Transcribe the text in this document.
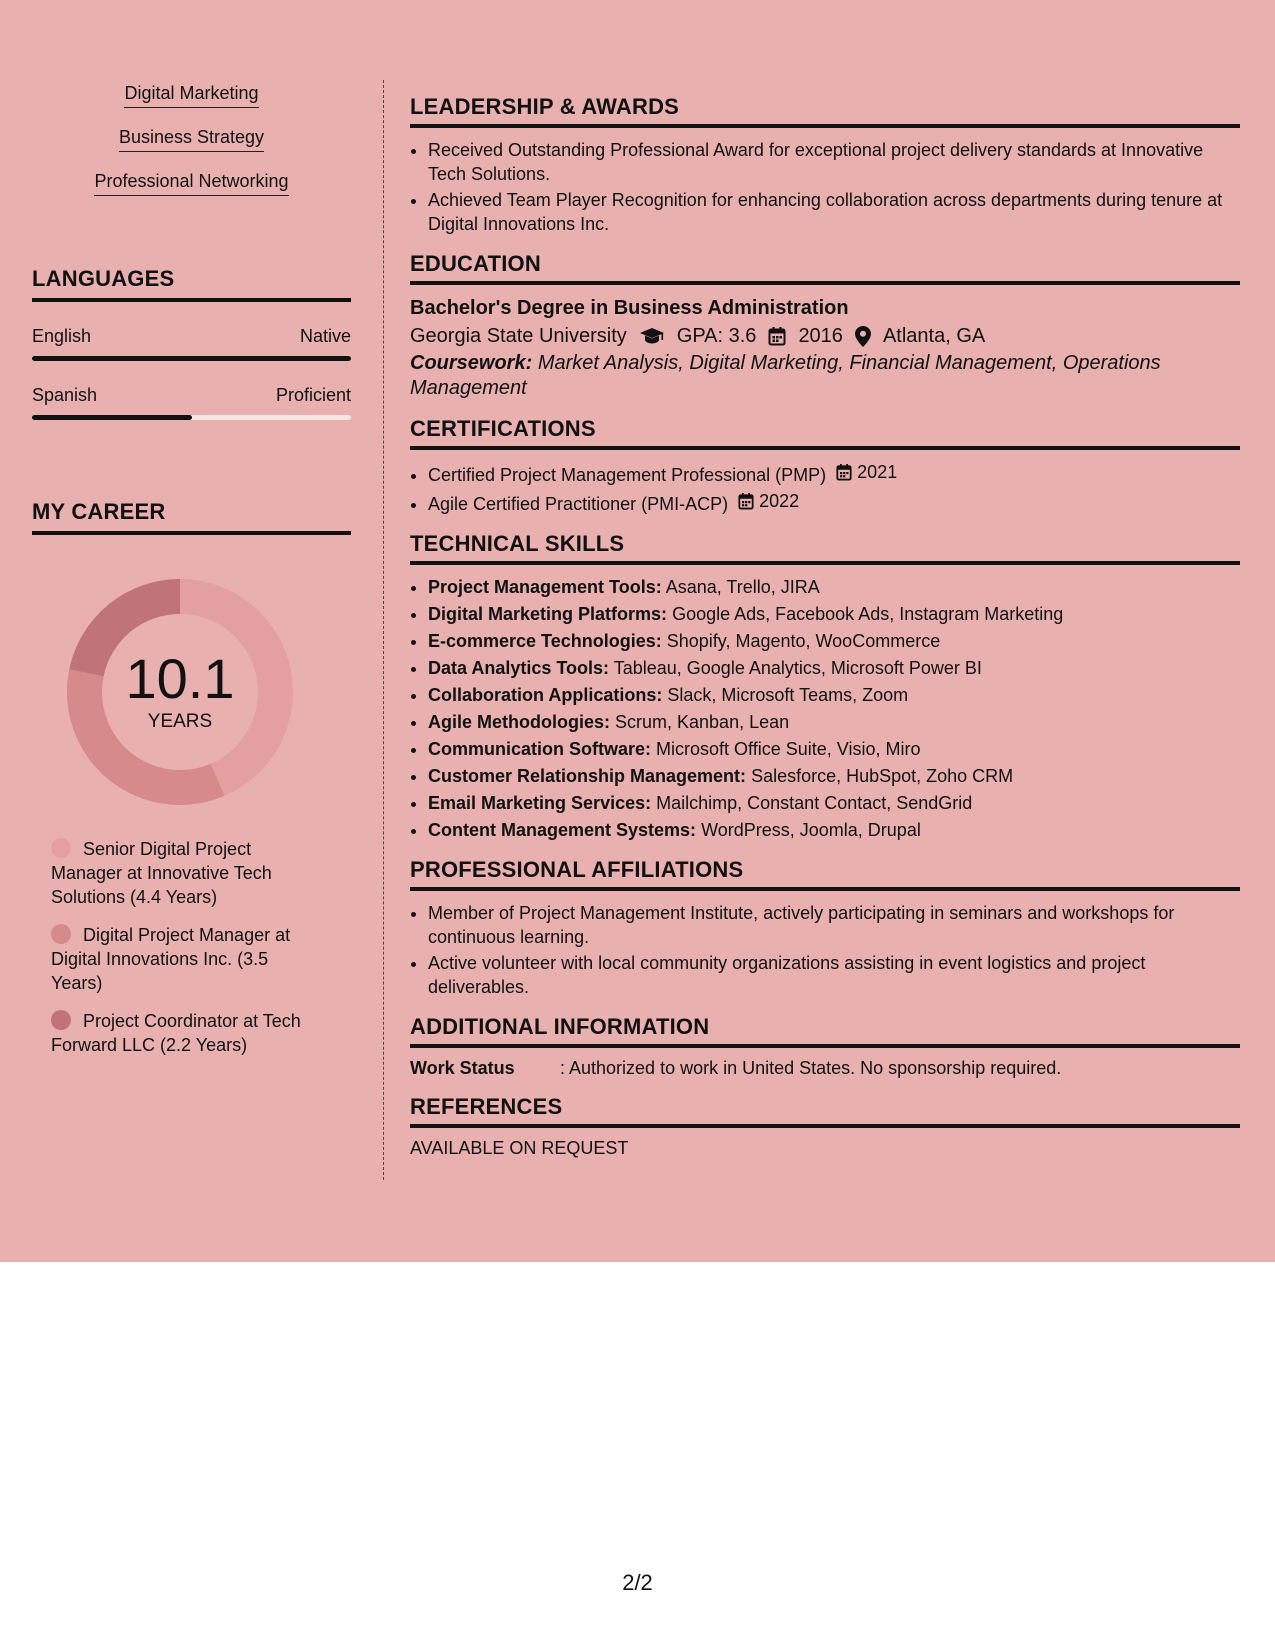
Digital Marketing
Business Strategy
Professional Networking
LANGUAGES
English	Native
Spanish	Proficient
MY CAREER
10.1
YEARS
Senior Digital Project Manager at Innovative Tech Solutions (4.4 Years)
Digital Project Manager at Digital Innovations Inc. (3.5 Years)
Project Coordinator at Tech Forward LLC (2.2 Years)
LEADERSHIP & AWARDS
• Received Outstanding Professional Award for exceptional project delivery standards at Innovative Tech Solutions.
• Achieved Team Player Recognition for enhancing collaboration across departments during tenure at Digital Innovations Inc.
EDUCATION
Bachelor's Degree in Business Administration
Georgia State University	GPA: 3.6 2016 Atlanta, GA
Coursework: Market Analysis, Digital Marketing, Financial Management, Operations Management
CERTIFICATIONS
• Certified Project Management Professional (PMP) 2021
• Agile Certified Practitioner (PMI-ACP) 2022
TECHNICAL SKILLS
• Project Management Tools: Asana, Trello, JIRA
• Digital Marketing Platforms: Google Ads, Facebook Ads, Instagram Marketing
• E-commerce Technologies: Shopify, Magento, WooCommerce
• Data Analytics Tools: Tableau, Google Analytics, Microsoft Power BI
• Collaboration Applications: Slack, Microsoft Teams, Zoom
• Agile Methodologies: Scrum, Kanban, Lean
• Communication Software: Microsoft Office Suite, Visio, Miro
• Customer Relationship Management: Salesforce, HubSpot, Zoho CRM
• Email Marketing Services: Mailchimp, Constant Contact, SendGrid
• Content Management Systems: WordPress, Joomla, Drupal
PROFESSIONAL AFFILIATIONS
• Member of Project Management Institute, actively participating in seminars and workshops for continuous learning.
• Active volunteer with local community organizations assisting in event logistics and project deliverables.
ADDITIONAL INFORMATION
Work Status	: Authorized to work in United States. No sponsorship required.
REFERENCES
AVAILABLE ON REQUEST
2/2
